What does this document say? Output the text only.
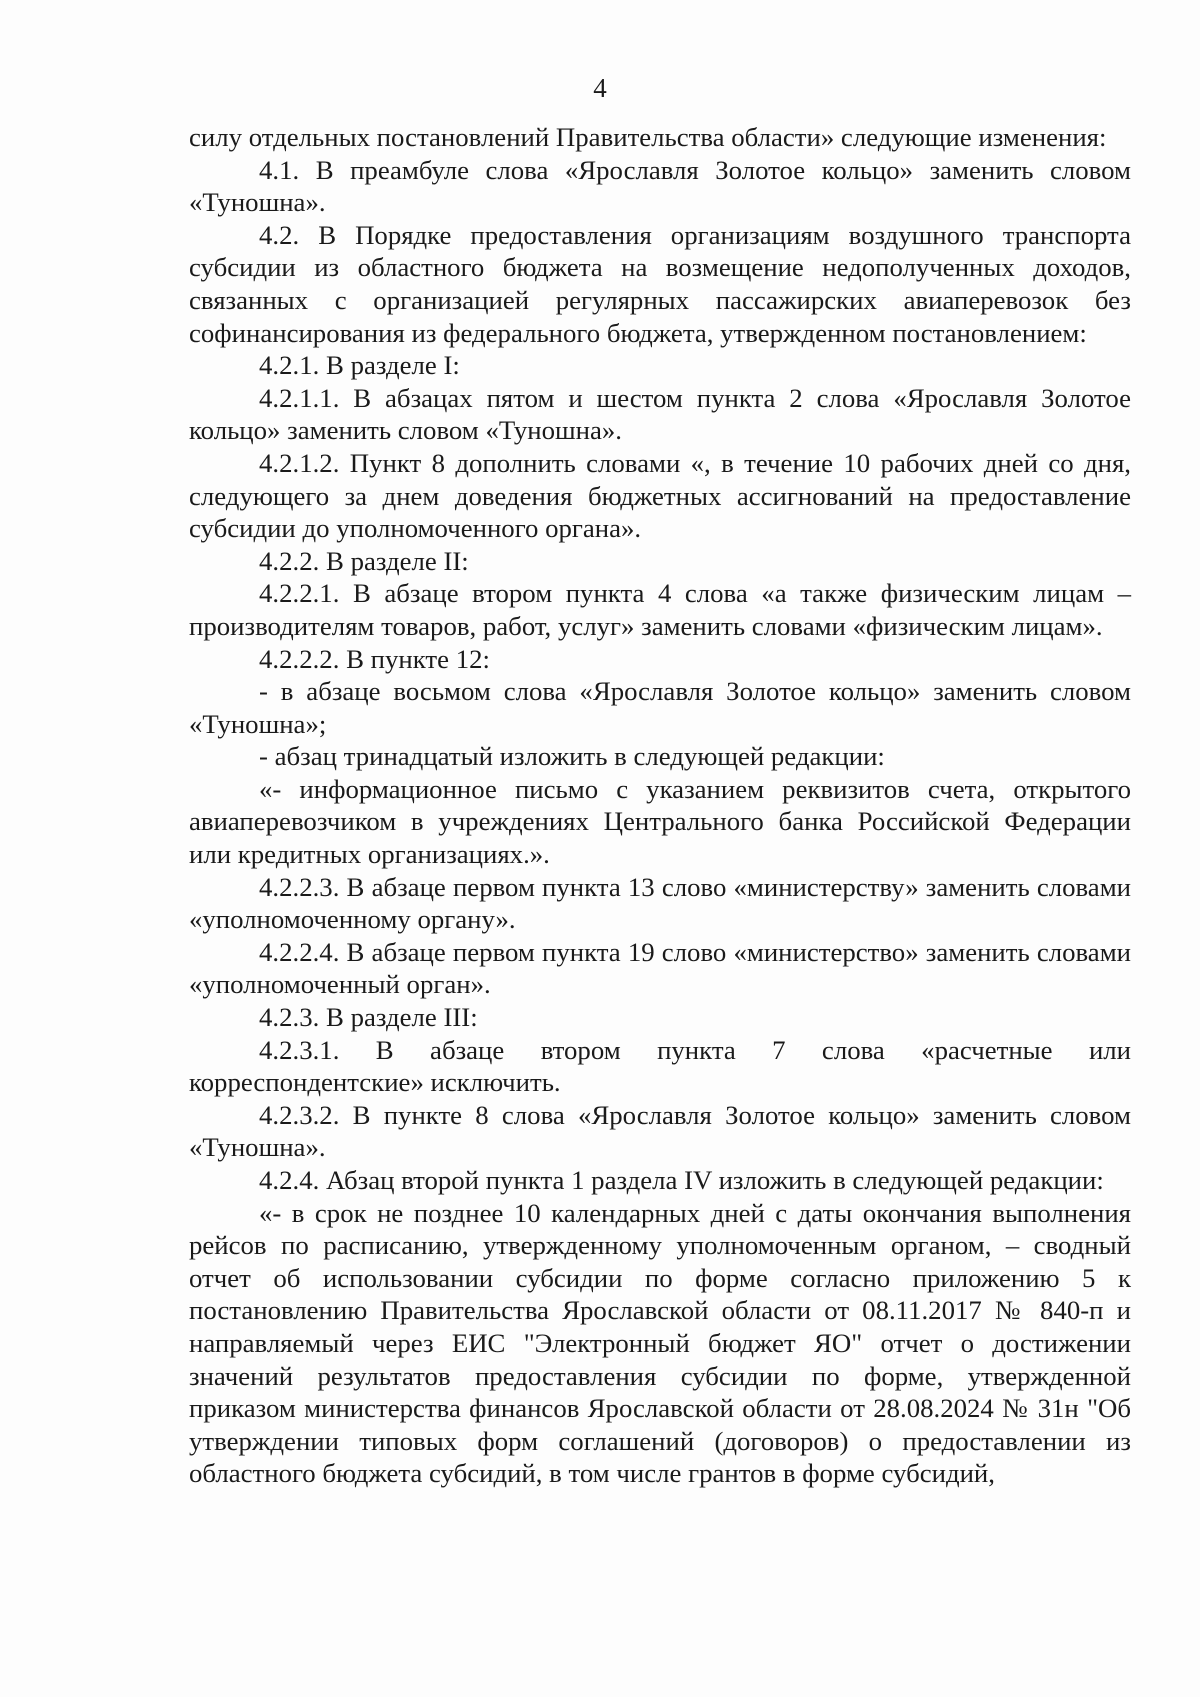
4

силу отдельных постановлений Правительства области» следующие изменения:

4.1. В преамбуле слова «Ярославля Золотое кольцо» заменить словом «Туношна».

4.2. В Порядке предоставления организациям воздушного транспорта субсидии из областного бюджета на возмещение недополученных доходов, связанных с организацией регулярных пассажирских авиаперевозок без софинансирования из федерального бюджета, утвержденном постановлением:

4.2.1. В разделе I:

4.2.1.1. В абзацах пятом и шестом пункта 2 слова «Ярославля Золотое кольцо» заменить словом «Туношна».

4.2.1.2. Пункт 8 дополнить словами «, в течение 10 рабочих дней со дня, следующего за днем доведения бюджетных ассигнований на предоставление субсидии до уполномоченного органа».

4.2.2. В разделе II:

4.2.2.1. В абзаце втором пункта 4 слова «а также физическим лицам – производителям товаров, работ, услуг» заменить словами «физическим лицам».

4.2.2.2. В пункте 12:

- в абзаце восьмом слова «Ярославля Золотое кольцо» заменить словом «Туношна»;

- абзац тринадцатый изложить в следующей редакции:

«- информационное письмо с указанием реквизитов счета, открытого авиаперевозчиком в учреждениях Центрального банка Российской Федерации или кредитных организациях.».

4.2.2.3. В абзаце первом пункта 13 слово «министерству» заменить словами «уполномоченному органу».

4.2.2.4. В абзаце первом пункта 19 слово «министерство» заменить словами «уполномоченный орган».

4.2.3. В разделе III:

4.2.3.1. В абзаце втором пункта 7 слова «расчетные или корреспондентские» исключить.

4.2.3.2. В пункте 8 слова «Ярославля Золотое кольцо» заменить словом «Туношна».

4.2.4. Абзац второй пункта 1 раздела IV изложить в следующей редакции:

«- в срок не позднее 10 календарных дней с даты окончания выполнения рейсов по расписанию, утвержденному уполномоченным органом, – сводный отчет об использовании субсидии по форме согласно приложению 5 к постановлению Правительства Ярославской области от 08.11.2017 № 840-п и направляемый через ЕИС "Электронный бюджет ЯО" отчет о достижении значений результатов предоставления субсидии по форме, утвержденной приказом министерства финансов Ярославской области от 28.08.2024 № 31н "Об утверждении типовых форм соглашений (договоров) о предоставлении из областного бюджета субсидий, в том числе грантов в форме субсидий,
